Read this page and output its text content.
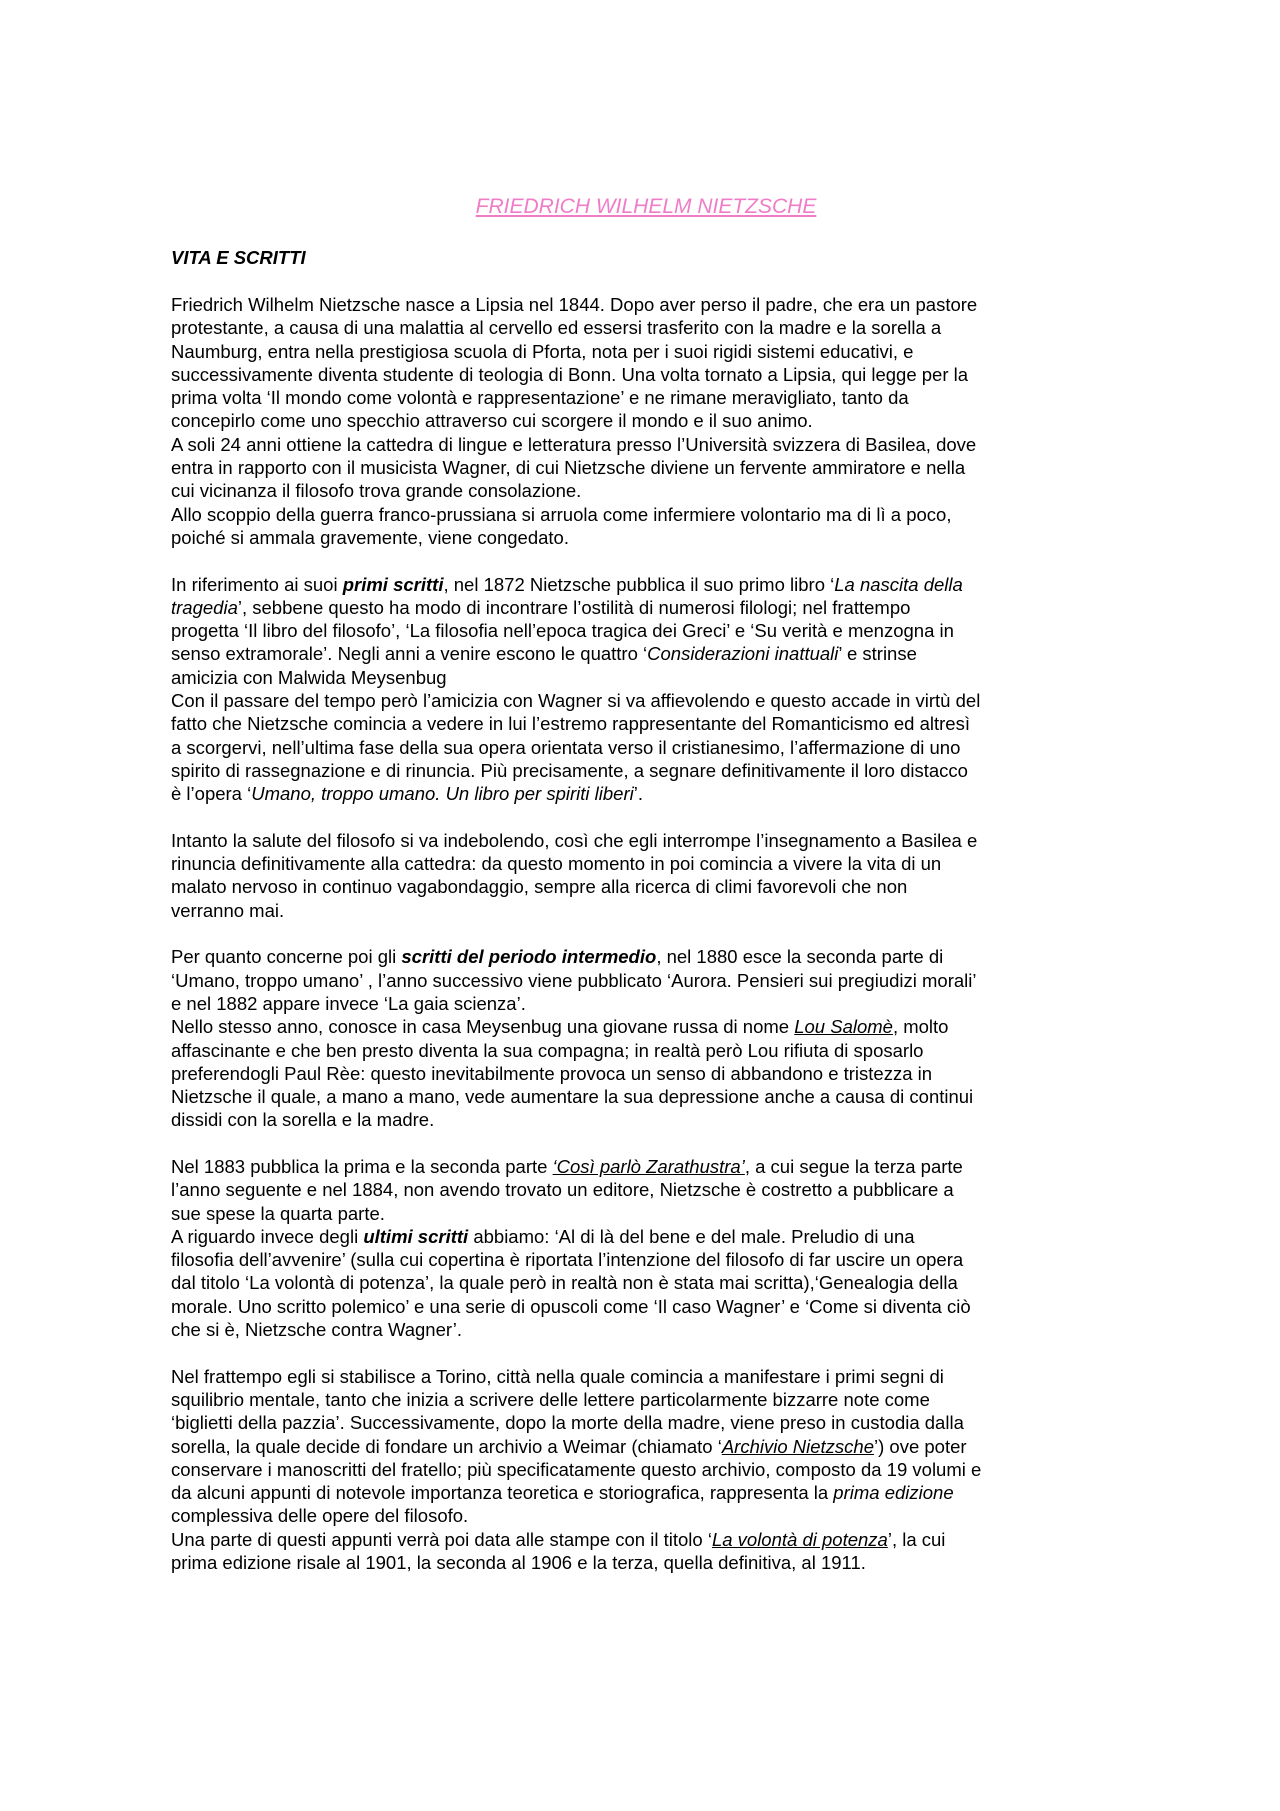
FRIEDRICH WILHELM NIETZSCHE
VITA E SCRITTI
Friedrich Wilhelm Nietzsche nasce a Lipsia nel 1844. Dopo aver perso il padre, che era un pastore
protestante, a causa di una malattia al cervello ed essersi trasferito con la madre e la sorella a
Naumburg, entra nella prestigiosa scuola di Pforta, nota per i suoi rigidi sistemi educativi, e
successivamente diventa studente di teologia di Bonn. Una volta tornato a Lipsia, qui legge per la
prima volta ‘Il mondo come volontà e rappresentazione’ e ne rimane meravigliato, tanto da
concepirlo come uno specchio attraverso cui scorgere il mondo e il suo animo.
A soli 24 anni ottiene la cattedra di lingue e letteratura presso l’Università svizzera di Basilea, dove
entra in rapporto con il musicista Wagner, di cui Nietzsche diviene un fervente ammiratore e nella
cui vicinanza il filosofo trova grande consolazione.
Allo scoppio della guerra franco-prussiana si arruola come infermiere volontario ma di lì a poco,
poiché si ammala gravemente, viene congedato.
In riferimento ai suoi primi scritti, nel 1872 Nietzsche pubblica il suo primo libro ‘La nascita della
tragedia’, sebbene questo ha modo di incontrare l’ostilità di numerosi filologi; nel frattempo
progetta ‘Il libro del filosofo’, ‘La filosofia nell’epoca tragica dei Greci’ e ‘Su verità e menzogna in
senso extramorale’. Negli anni a venire escono le quattro ‘Considerazioni inattuali’ e strinse
amicizia con Malwida Meysenbug
Con il passare del tempo però l’amicizia con Wagner si va affievolendo e questo accade in virtù del
fatto che Nietzsche comincia a vedere in lui l’estremo rappresentante del Romanticismo ed altresì
a scorgervi, nell’ultima fase della sua opera orientata verso il cristianesimo, l’affermazione di uno
spirito di rassegnazione e di rinuncia. Più precisamente, a segnare definitivamente il loro distacco
è l’opera ‘Umano, troppo umano. Un libro per spiriti liberi’.
Intanto la salute del filosofo si va indebolendo, così che egli interrompe l’insegnamento a Basilea e
rinuncia definitivamente alla cattedra: da questo momento in poi comincia a vivere la vita di un
malato nervoso in continuo vagabondaggio, sempre alla ricerca di climi favorevoli che non
verranno mai.
Per quanto concerne poi gli scritti del periodo intermedio, nel 1880 esce la seconda parte di
‘Umano, troppo umano’ , l’anno successivo viene pubblicato ‘Aurora. Pensieri sui pregiudizi morali’
e nel 1882 appare invece ‘La gaia scienza’.
Nello stesso anno, conosce in casa Meysenbug una giovane russa di nome Lou Salomè, molto
affascinante e che ben presto diventa la sua compagna; in realtà però Lou rifiuta di sposarlo
preferendogli Paul Rèe: questo inevitabilmente provoca un senso di abbandono e tristezza in
Nietzsche il quale, a mano a mano, vede aumentare la sua depressione anche a causa di continui
dissidi con la sorella e la madre.
Nel 1883 pubblica la prima e la seconda parte ‘Così parlò Zarathustra’, a cui segue la terza parte
l’anno seguente e nel 1884, non avendo trovato un editore, Nietzsche è costretto a pubblicare a
sue spese la quarta parte.
A riguardo invece degli ultimi scritti abbiamo: ‘Al di là del bene e del male. Preludio di una
filosofia dell’avvenire’ (sulla cui copertina è riportata l’intenzione del filosofo di far uscire un opera
dal titolo ‘La volontà di potenza’, la quale però in realtà non è stata mai scritta),‘Genealogia della
morale. Uno scritto polemico’ e una serie di opuscoli come ‘Il caso Wagner’ e ‘Come si diventa ciò
che si è, Nietzsche contra Wagner’.
Nel frattempo egli si stabilisce a Torino, città nella quale comincia a manifestare i primi segni di
squilibrio mentale, tanto che inizia a scrivere delle lettere particolarmente bizzarre note come
‘biglietti della pazzia’. Successivamente, dopo la morte della madre, viene preso in custodia dalla
sorella, la quale decide di fondare un archivio a Weimar (chiamato ‘Archivio Nietzsche’) ove poter
conservare i manoscritti del fratello; più specificatamente questo archivio, composto da 19 volumi e
da alcuni appunti di notevole importanza teoretica e storiografica, rappresenta la prima edizione
complessiva delle opere del filosofo.
Una parte di questi appunti verrà poi data alle stampe con il titolo ‘La volontà di potenza’, la cui
prima edizione risale al 1901, la seconda al 1906 e la terza, quella definitiva, al 1911.
